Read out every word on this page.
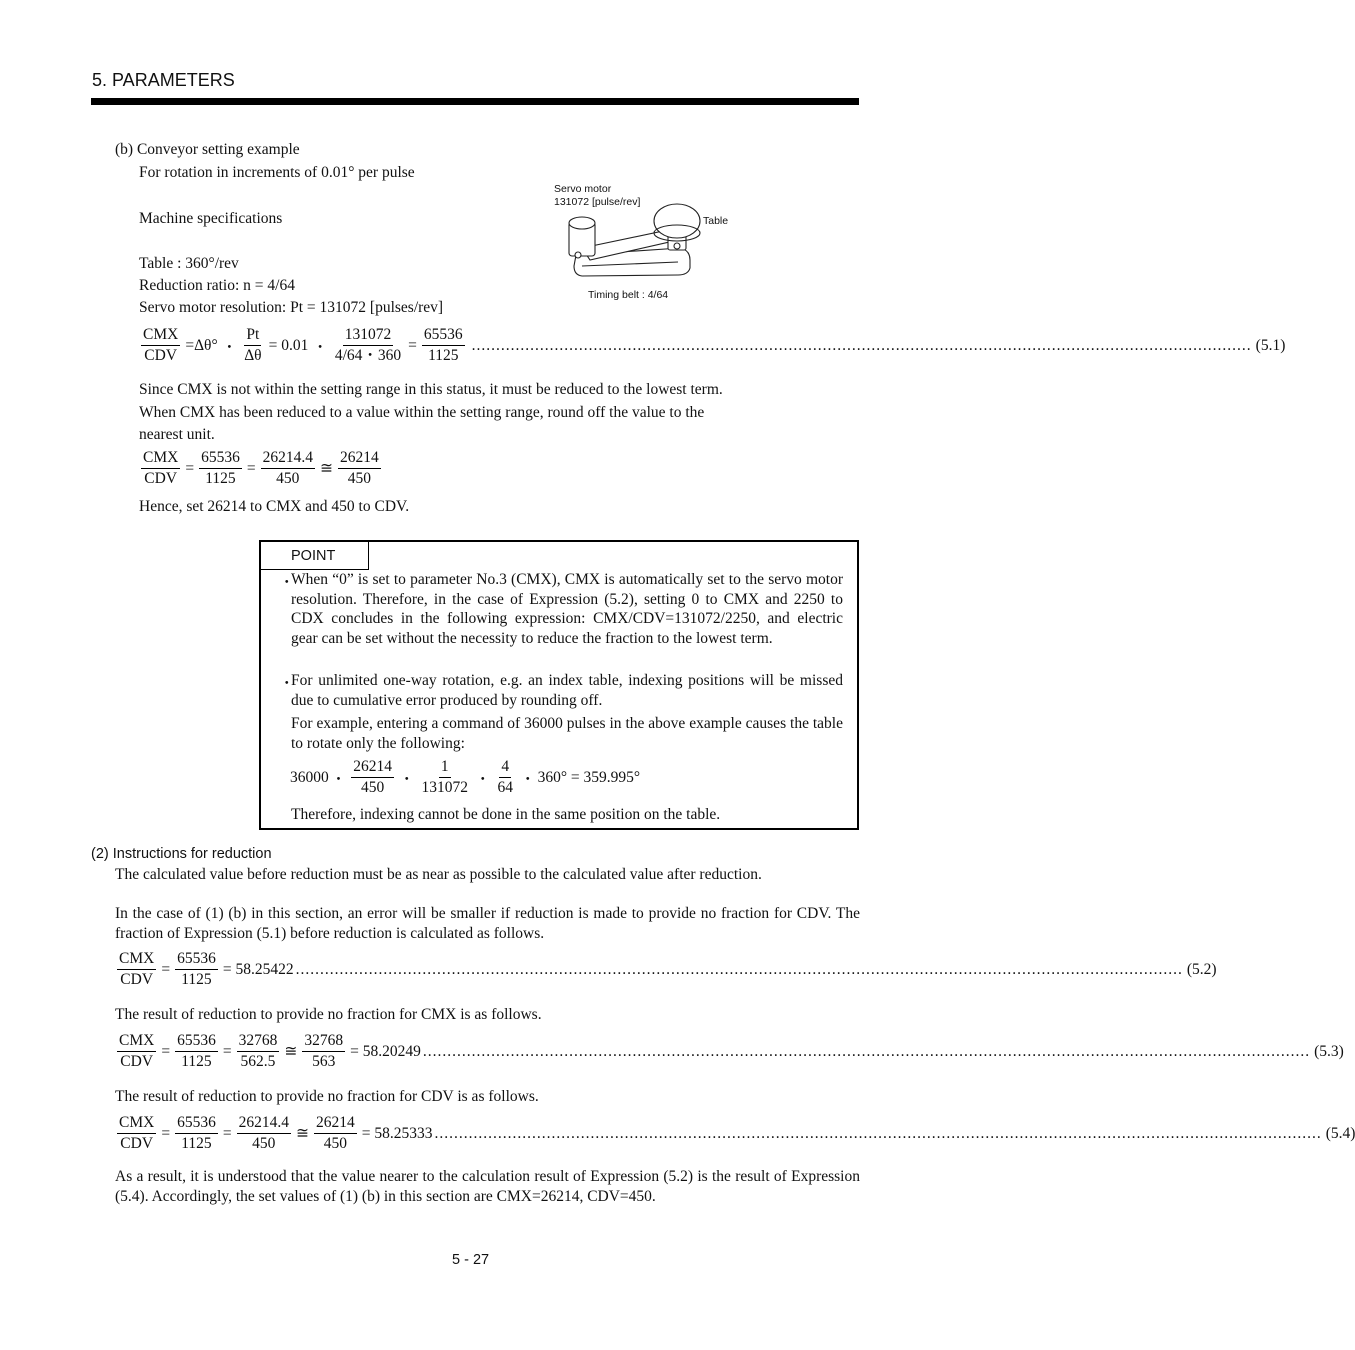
5. PARAMETERS
(b) Conveyor setting example
For rotation in increments of 0.01° per pulse
Machine specifications
Table : 360°/rev
Reduction ratio: n = 4/64
Servo motor resolution: Pt = 131072 [pulses/rev]
Servo motor
131072 [pulse/rev]
Table
Timing belt : 4/64
$\frac{\text{CMX}}{\text{CDV}} =\Delta\theta^\circ$ ・ $\frac{Pt}{\Delta\theta} = 0.01$ ・ $\frac{131072}{4/64・360} = \frac{65536}{1125}$ ................................................................................................................................................................ (5.1)
Since CMX is not within the setting range in this status, it must be reduced to the lowest term.
When CMX has been reduced to a value within the setting range, round off the value to the
nearest unit.
$\frac{\text{CMX}}{\text{CDV}} = \frac{65536}{1125} = \frac{26214.4}{450}$ ≅ $\frac{26214}{450}$
Hence, set 26214 to CMX and 450 to CDV.
POINT
・
When “0” is set to parameter No.3 (CMX), CMX is automatically set to the servo motor resolution. Therefore, in the case of Expression (5.2), setting 0 to CMX and 2250 to CDX concludes in the following expression: CMX/CDV=131072/2250, and electric gear can be set without the necessity to reduce the fraction to the lowest term.
・
For unlimited one-way rotation, e.g. an index table, indexing positions will be missed due to cumulative error produced by rounding off.
For example, entering a command of 36000 pulses in the above example causes the table to rotate only the following:
36000 ・ $\frac{26214}{450}$ ・ $\frac{1}{131072}$ ・ $\frac{4}{64}$ ・ 360° = 359.995°
Therefore, indexing cannot be done in the same position on the table.
(2) Instructions for reduction
The calculated value before reduction must be as near as possible to the calculated value after reduction.
In the case of (1) (b) in this section, an error will be smaller if reduction is made to provide no fraction for CDV. The fraction of Expression (5.1) before reduction is calculated as follows.
$\frac{\text{CMX}}{\text{CDV}} = \frac{65536}{1125} = 58.25422$ ...................................................................................................................................................................................... (5.2)
The result of reduction to provide no fraction for CMX is as follows.
$\frac{\text{CMX}}{\text{CDV}} = \frac{65536}{1125} = \frac{32768}{562.5}$ ≅ $\frac{32768}{563} = 58.20249$ ...................................................................................................................................................................................... (5.3)
The result of reduction to provide no fraction for CDV is as follows.
$\frac{\text{CMX}}{\text{CDV}} = \frac{65536}{1125} = \frac{26214.4}{450}$ ≅ $\frac{26214}{450} = 58.25333$ ...................................................................................................................................................................................... (5.4)
As a result, it is understood that the value nearer to the calculation result of Expression (5.2) is the result of Expression (5.4). Accordingly, the set values of (1) (b) in this section are CMX=26214, CDV=450.
5 - 27
